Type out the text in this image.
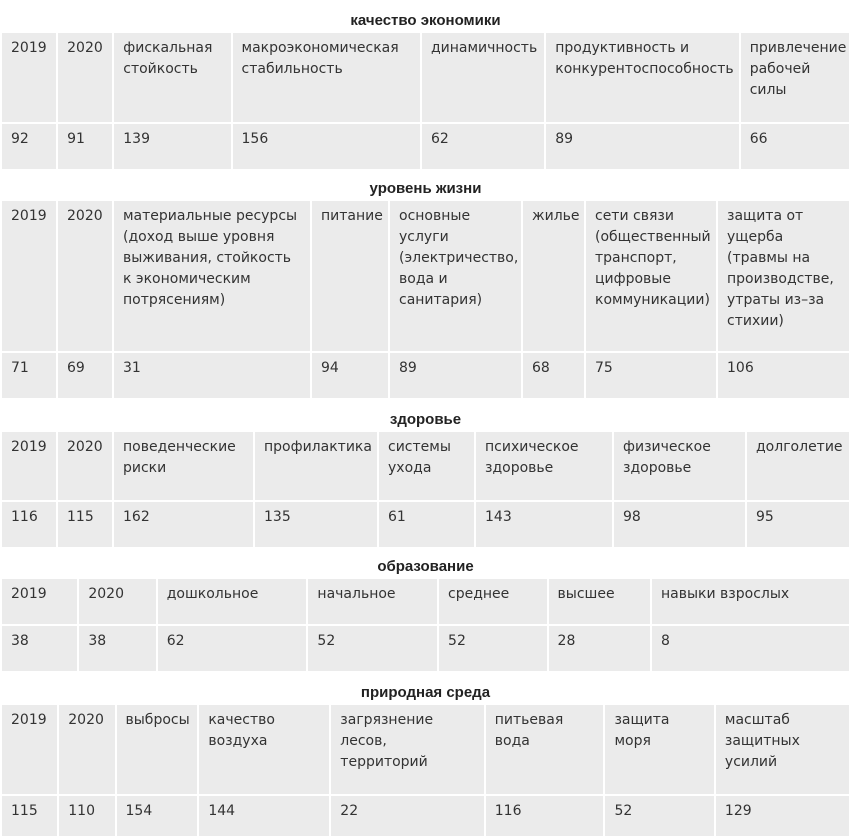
качество экономики
2019	2020	фискальная стойкость	макроэкономическая стабильность	динамичность	продуктивность и конкурентоспособность	привлечение рабочей силы
92	91	139	156	62	89	66
уровень жизни
2019	2020	материальные ресурсы (доход выше уровня выживания, стойкость к экономическим потрясениям)	питание	основные услуги (электричество, вода и санитария)	жилье	сети связи (общественный транспорт, цифровые коммуникации)	защита от ущерба (травмы на производстве, утраты из–за стихии)
71	69	31	94	89	68	75	106
здоровье
2019	2020	поведенческие риски	профилактика	системы ухода	психическое здоровье	физическое здоровье	долголетие
116	115	162	135	61	143	98	95
образование
2019	2020	дошкольное	начальное	среднее	высшее	навыки взрослых
38	38	62	52	52	28	8
природная среда
2019	2020	выбросы	качество воздуха	загрязнение лесов, территорий	питьевая вода	защита моря	масштаб защитных усилий
115	110	154	144	22	116	52	129
